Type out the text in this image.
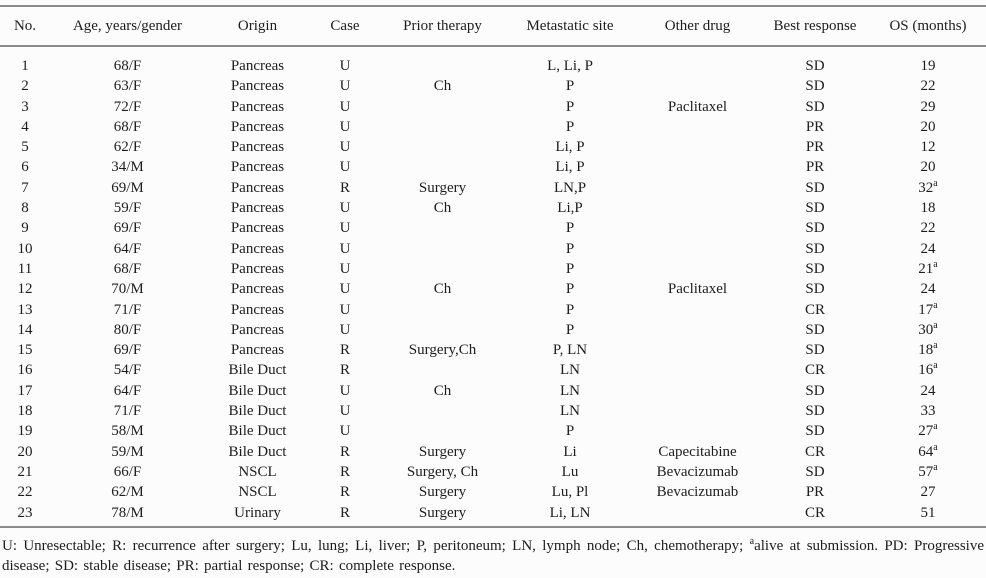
No.	Age, years/gender	Origin	Case	Prior therapy	Metastatic site	Other drug	Best response	OS (months)
1	68/F	Pancreas	U		L, Li, P		SD	19
2	63/F	Pancreas	U	Ch	P		SD	22
3	72/F	Pancreas	U		P	Paclitaxel	SD	29
4	68/F	Pancreas	U		P		PR	20
5	62/F	Pancreas	U		Li, P		PR	12
6	34/M	Pancreas	U		Li, P		PR	20
7	69/M	Pancreas	R	Surgery	LN,P		SD	32$^a$
8	59/F	Pancreas	U	Ch	Li,P		SD	18
9	69/F	Pancreas	U		P		SD	22
10	64/F	Pancreas	U		P		SD	24
11	68/F	Pancreas	U		P		SD	21$^a$
12	70/M	Pancreas	U	Ch	P	Paclitaxel	SD	24
13	71/F	Pancreas	U		P		CR	17$^a$
14	80/F	Pancreas	U		P		SD	30$^a$
15	69/F	Pancreas	R	Surgery,Ch	P, LN		SD	18$^a$
16	54/F	Bile Duct	R		LN		CR	16$^a$
17	64/F	Bile Duct	U	Ch	LN		SD	24
18	71/F	Bile Duct	U		LN		SD	33
19	58/M	Bile Duct	U		P		SD	27$^a$
20	59/M	Bile Duct	R	Surgery	Li	Capecitabine	CR	64$^a$
21	66/F	NSCL	R	Surgery, Ch	Lu	Bevacizumab	SD	57$^a$
22	62/M	NSCL	R	Surgery	Lu, Pl	Bevacizumab	PR	27
23	78/M	Urinary	R	Surgery	Li, LN		CR	51
U: Unresectable; R: recurrence after surgery; Lu, lung; Li, liver; P, peritoneum; LN, lymph node; Ch, chemotherapy; $^a$alive at submission. PD: Progressive disease; SD: stable disease; PR: partial response; CR: complete response.
